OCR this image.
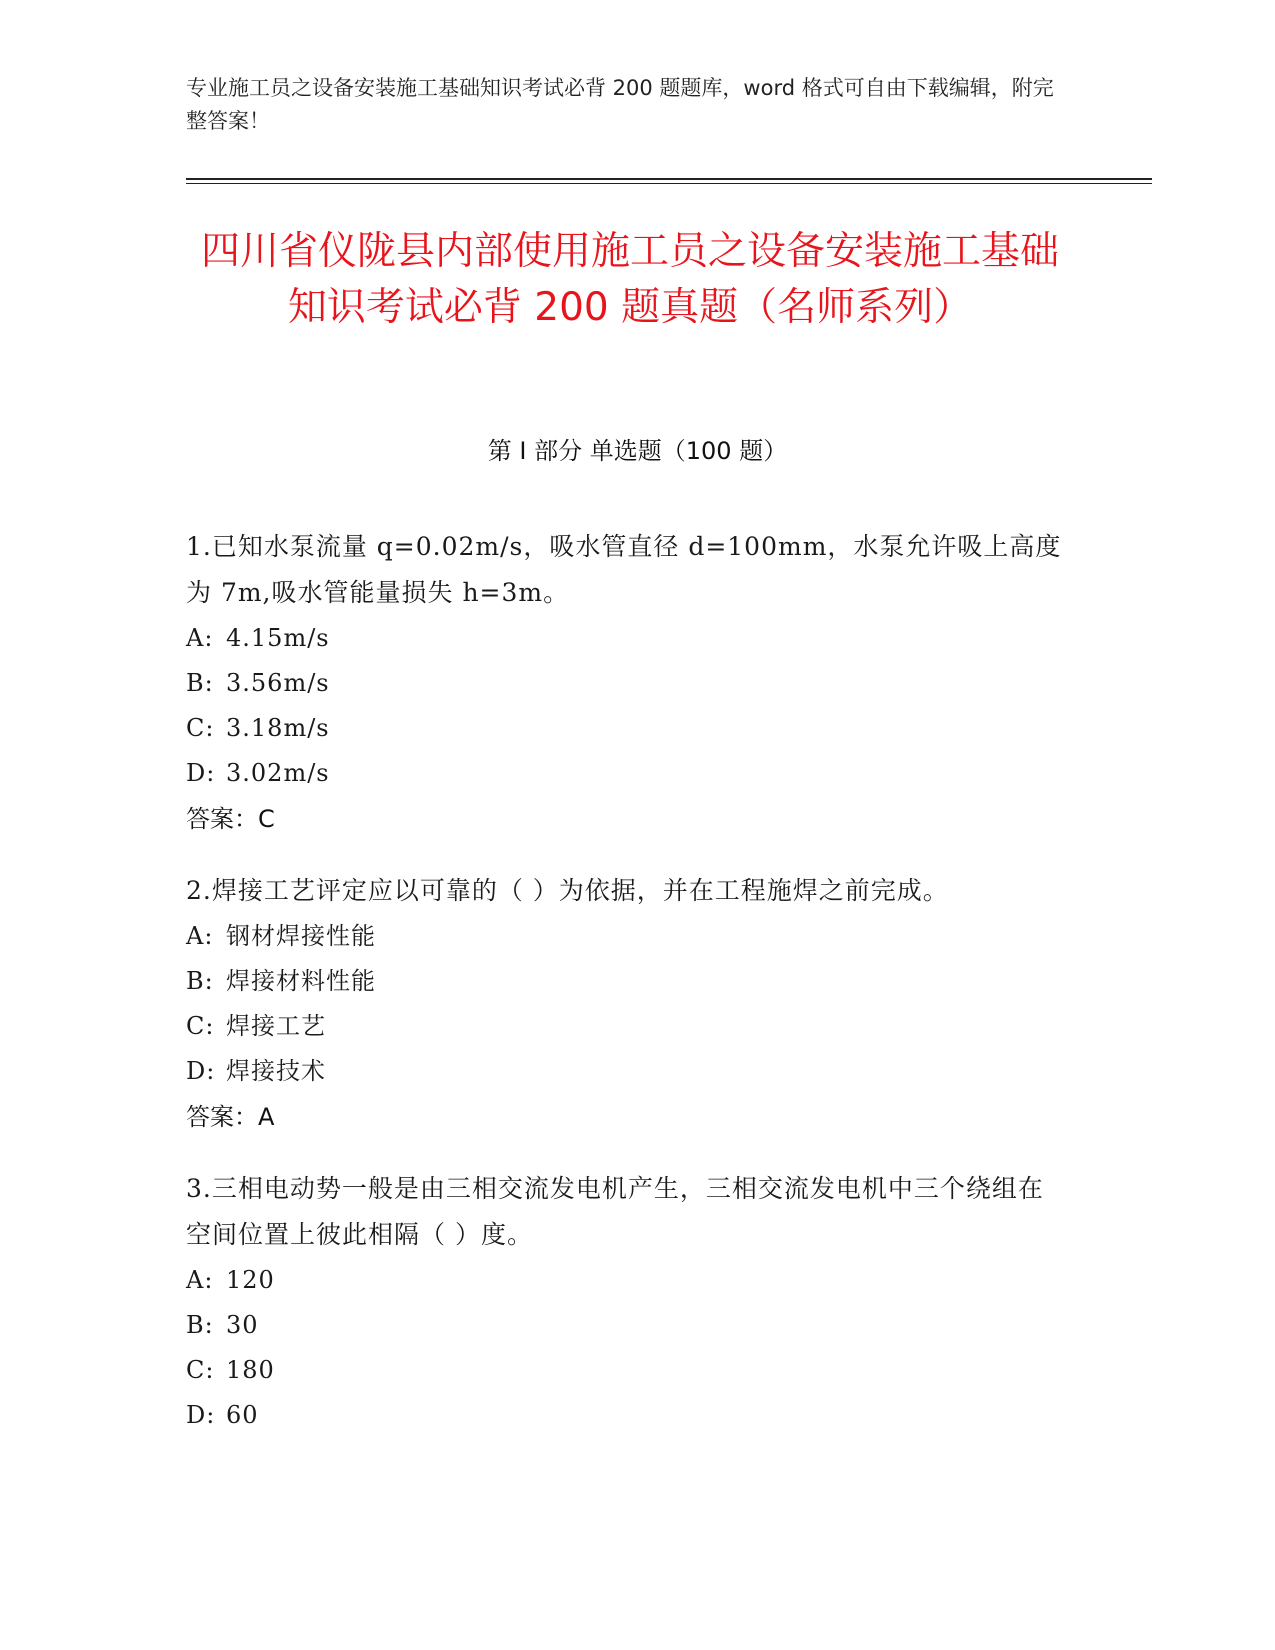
专业施工员之设备安装施工基础知识考试必背 200 题题库，word 格式可自由下载编辑，附完整答案！
四川省仪陇县内部使用施工员之设备安装施工基础知识考试必背 200 题真题（名师系列）
第 I 部分 单选题（100 题）
1.已知水泵流量 q=0.02m/s，吸水管直径 d=100mm，水泵允许吸上高度为 7m,吸水管能量损失 h=3m。
A: 4.15m/s
B: 3.56m/s
C: 3.18m/s
D: 3.02m/s
答案：C
2.焊接工艺评定应以可靠的（ ）为依据，并在工程施焊之前完成。
A: 钢材焊接性能
B: 焊接材料性能
C: 焊接工艺
D: 焊接技术
答案：A
3.三相电动势一般是由三相交流发电机产生，三相交流发电机中三个绕组在空间位置上彼此相隔（ ）度。
A: 120
B: 30
C: 180
D: 60
